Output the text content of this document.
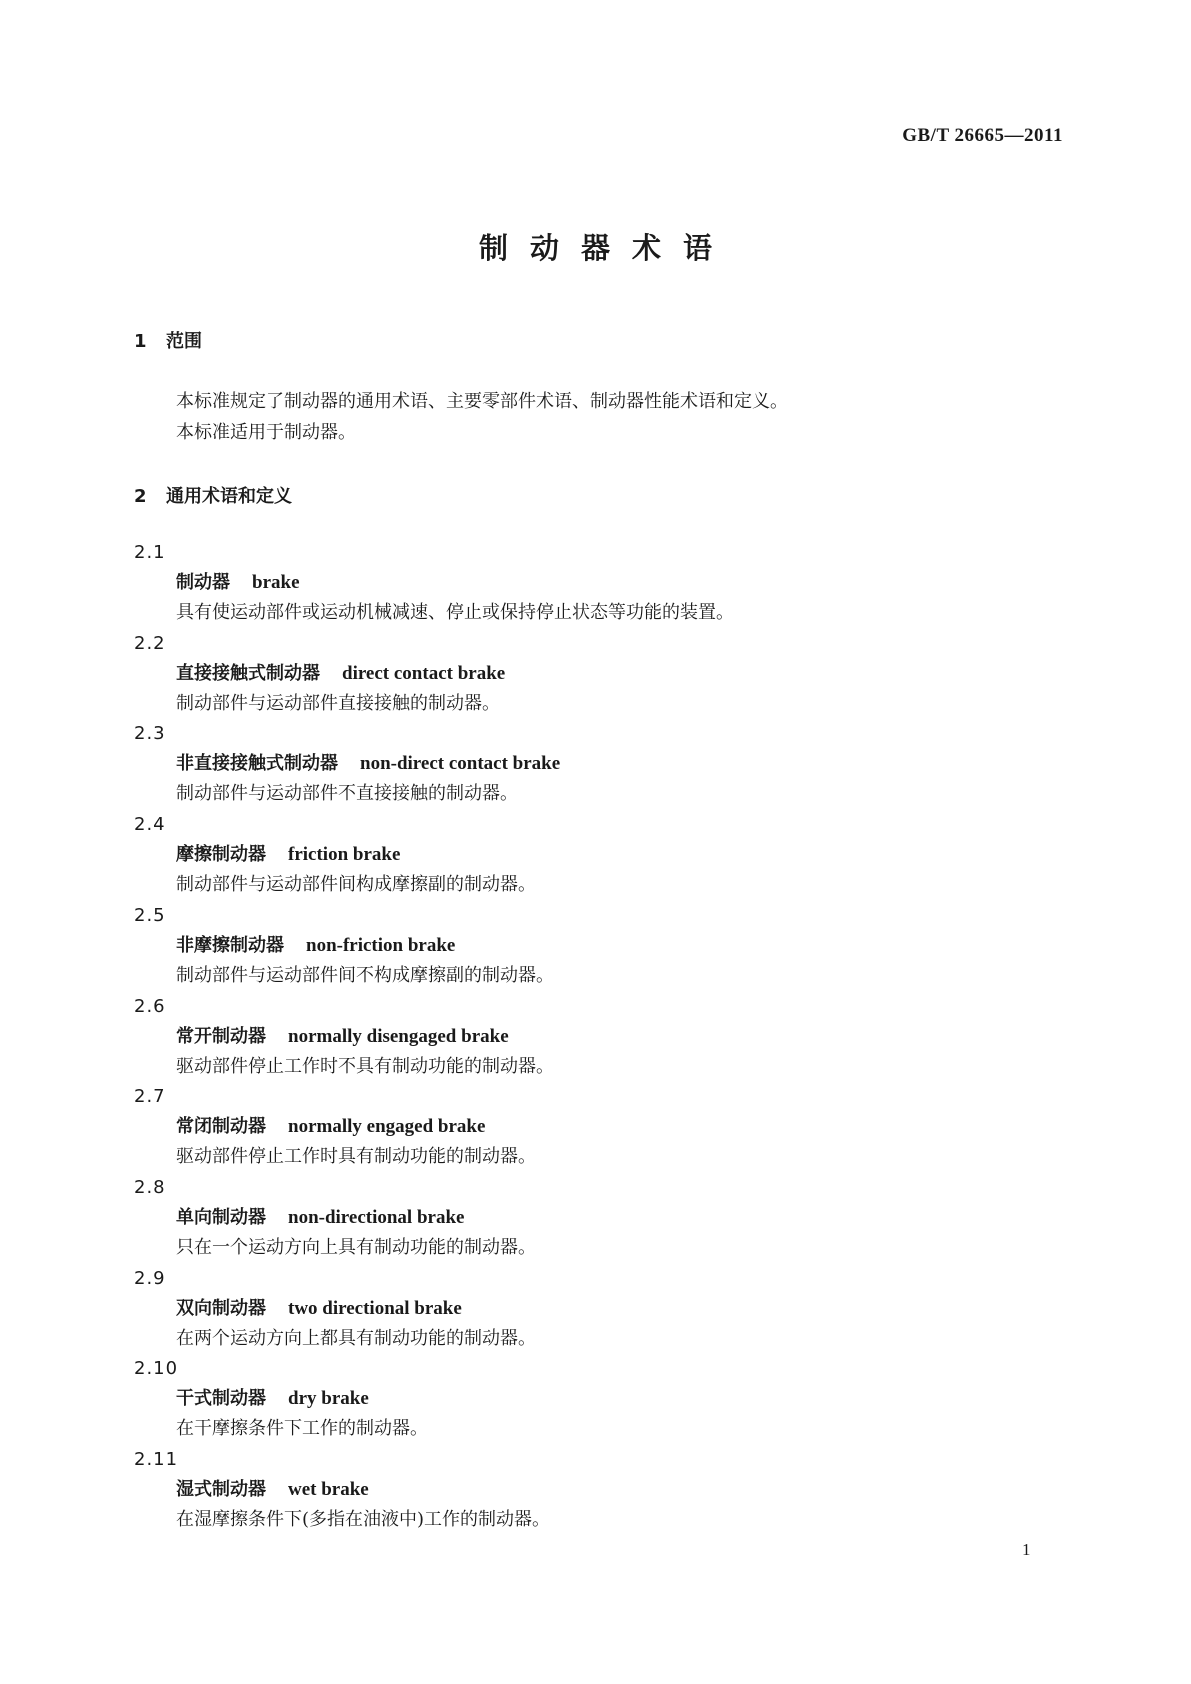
GB/T 26665—2011
制动器术语
1 范围
本标准规定了制动器的通用术语、主要零部件术语、制动器性能术语和定义。
本标准适用于制动器。
2 通用术语和定义
2.1
制动器 brake
具有使运动部件或运动机械减速、停止或保持停止状态等功能的装置。
2.2
直接接触式制动器 direct contact brake
制动部件与运动部件直接接触的制动器。
2.3
非直接接触式制动器 non-direct contact brake
制动部件与运动部件不直接接触的制动器。
2.4
摩擦制动器 friction brake
制动部件与运动部件间构成摩擦副的制动器。
2.5
非摩擦制动器 non-friction brake
制动部件与运动部件间不构成摩擦副的制动器。
2.6
常开制动器 normally disengaged brake
驱动部件停止工作时不具有制动功能的制动器。
2.7
常闭制动器 normally engaged brake
驱动部件停止工作时具有制动功能的制动器。
2.8
单向制动器 non-directional brake
只在一个运动方向上具有制动功能的制动器。
2.9
双向制动器 two directional brake
在两个运动方向上都具有制动功能的制动器。
2.10
干式制动器 dry brake
在干摩擦条件下工作的制动器。
2.11
湿式制动器 wet brake
在湿摩擦条件下(多指在油液中)工作的制动器。
1
